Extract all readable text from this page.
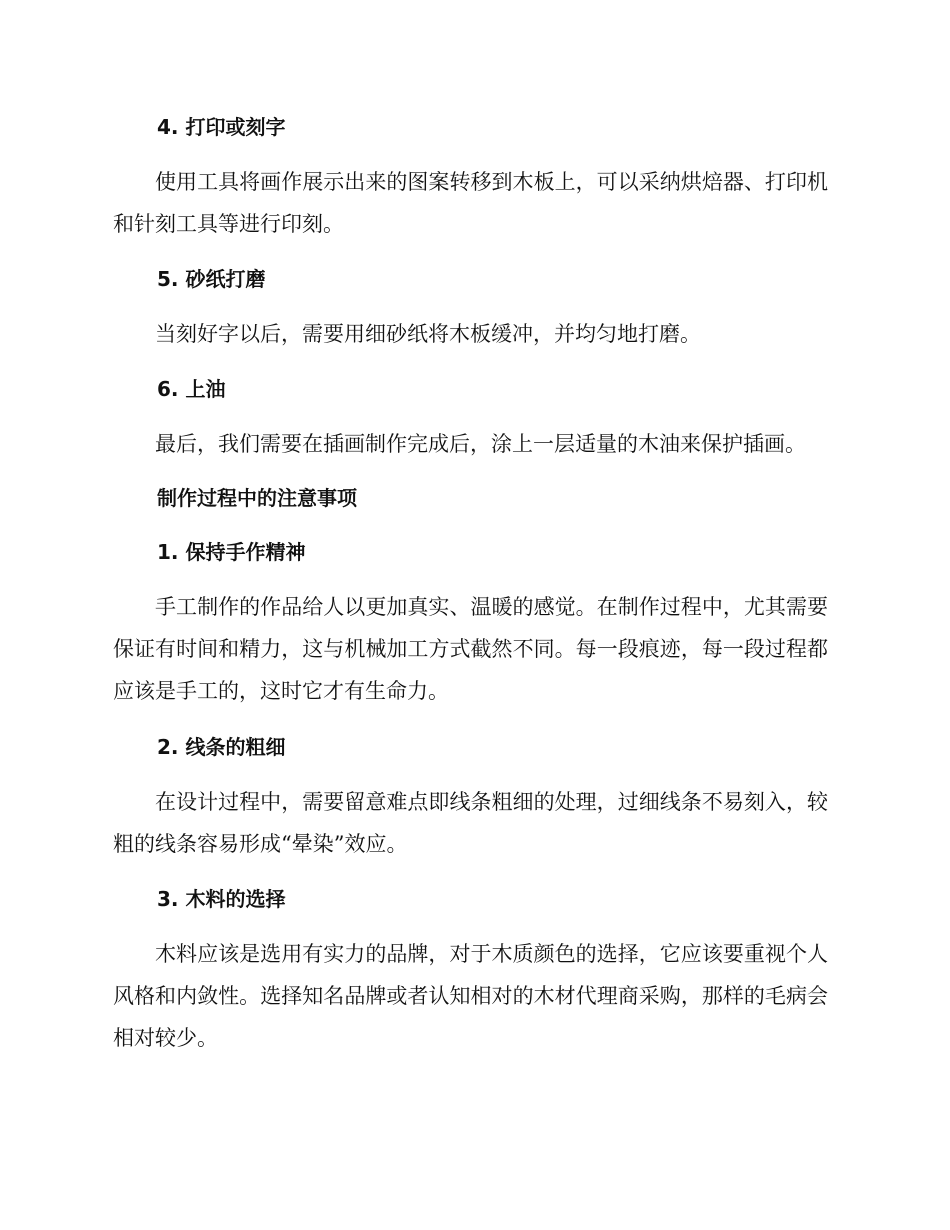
4. 打印或刻字
使用工具将画作展示出来的图案转移到木板上，可以采纳烘焙器、打印机和针刻工具等进行印刻。
5. 砂纸打磨
当刻好字以后，需要用细砂纸将木板缓冲，并均匀地打磨。
6. 上油
最后，我们需要在插画制作完成后，涂上一层适量的木油来保护插画。
制作过程中的注意事项
1. 保持手作精神
手工制作的作品给人以更加真实、温暖的感觉。在制作过程中，尤其需要保证有时间和精力，这与机械加工方式截然不同。每一段痕迹，每一段过程都应该是手工的，这时它才有生命力。
2. 线条的粗细
在设计过程中，需要留意难点即线条粗细的处理，过细线条不易刻入，较粗的线条容易形成“晕染”效应。
3. 木料的选择
木料应该是选用有实力的品牌，对于木质颜色的选择，它应该要重视个人风格和内敛性。选择知名品牌或者认知相对的木材代理商采购，那样的毛病会相对较少。
